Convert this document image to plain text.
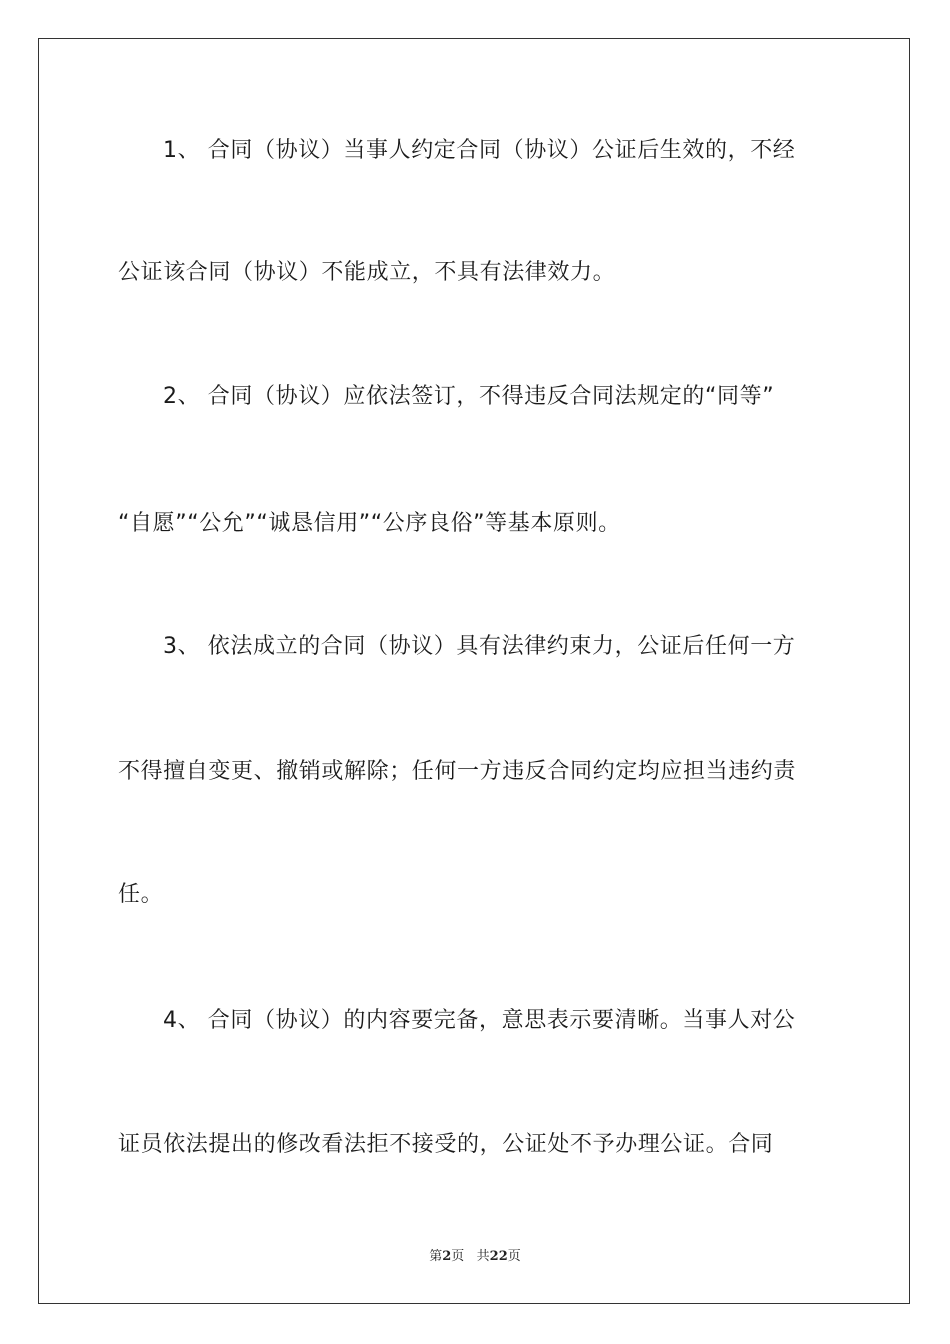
1、 合同（协议）当事人约定合同（协议）公证后生效的，不经
公证该合同（协议）不能成立，不具有法律效力。
2、 合同（协议）应依法签订，不得违反合同法规定的“同等”
“自愿”“公允”“诚恳信用”“公序良俗”等基本原则。
3、 依法成立的合同（协议）具有法律约束力，公证后任何一方
不得擅自变更、撤销或解除；任何一方违反合同约定均应担当违约责
任。
4、 合同（协议）的内容要完备，意思表示要清晰。当事人对公
证员依法提出的修改看法拒不接受的，公证处不予办理公证。合同
第2页   共22页
